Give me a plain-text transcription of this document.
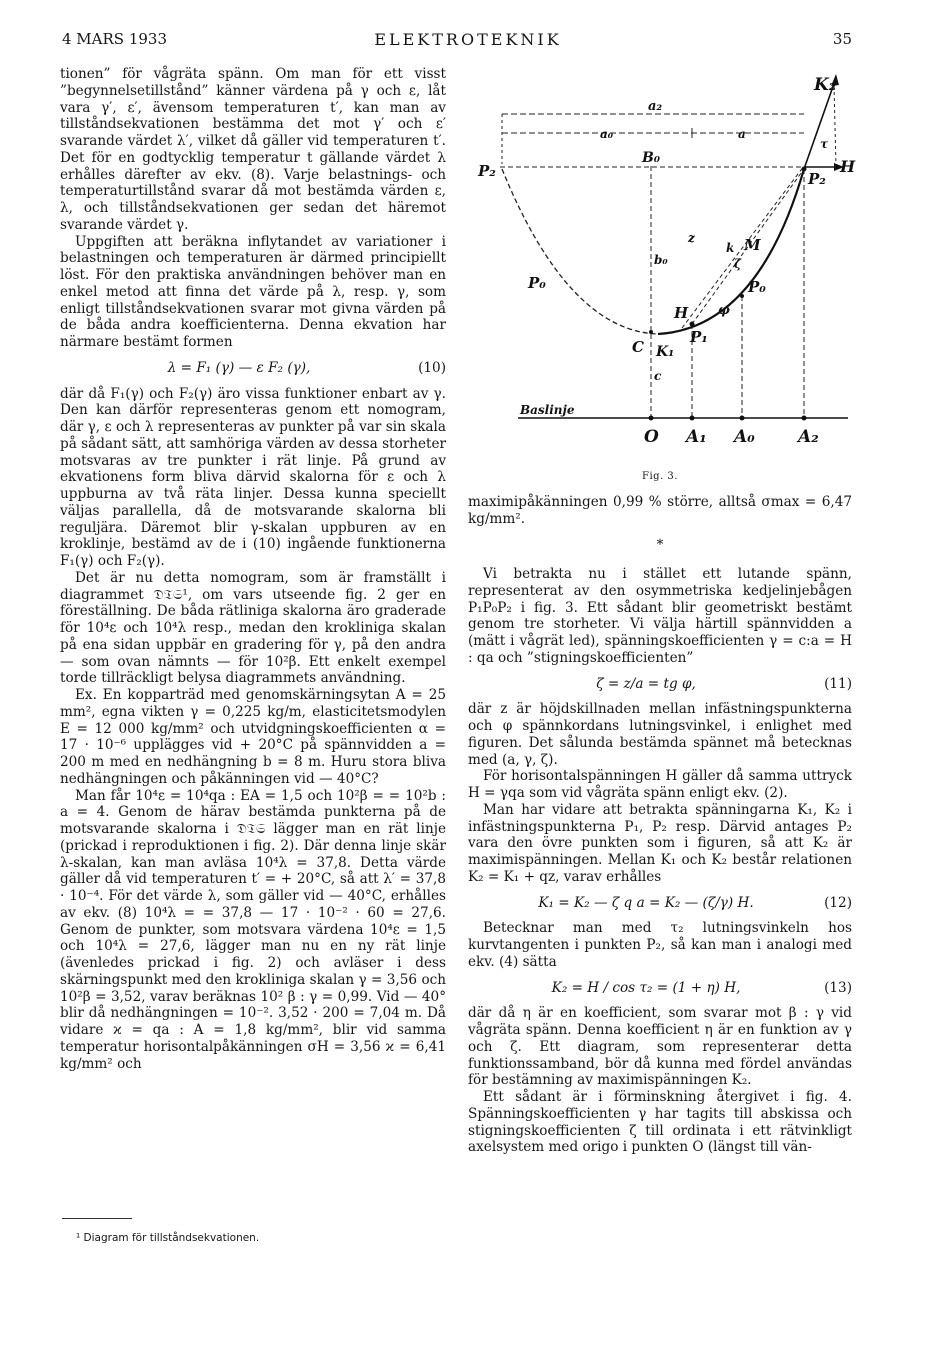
4 MARS 1933	ELEKTROTEKNIK	35

tionen” för vågräta spänn. Om man för ett visst ”begynnelsetillstånd” känner värdena på γ och ε, låt vara γ′, ε′, ävensom temperaturen t′, kan man av tillståndsekvationen bestämma det mot γ′ och ε′ svarande värdet λ′, vilket då gäller vid temperaturen t′. Det för en godtycklig temperatur t gällande värdet λ erhålles därefter av ekv. (8). Varje belastnings- och temperaturtillstånd svarar då mot bestämda värden ε, λ, och tillståndsekvationen ger sedan det häremot svarande värdet γ.

Uppgiften att beräkna inflytandet av variationer i belastningen och temperaturen är därmed principiellt löst. För den praktiska användningen behöver man en enkel metod att finna det värde på λ, resp. γ, som enligt tillståndsekvationen svarar mot givna värden på de båda andra koefficienterna. Denna ekvation har närmare bestämt formen

λ = F₁ (γ) — ε F₂ (γ),	(10)

där då F₁(γ) och F₂(γ) äro vissa funktioner enbart av γ. Den kan därför representeras genom ett nomogram, där γ, ε och λ representeras av punkter på var sin skala på sådant sätt, att samhöriga värden av dessa storheter motsvaras av tre punkter i rät linje. På grund av ekvationens form bliva därvid skalorna för ε och λ uppburna av två räta linjer. Dessa kunna speciellt väljas parallella, då de motsvarande skalorna bli reguljära. Däremot blir γ-skalan uppburen av en kroklinje, bestämd av de i (10) ingående funktionerna F₁(γ) och F₂(γ).

Det är nu detta nomogram, som är framställt i diagrammet 𝔇𝔗𝔖¹, om vars utseende fig. 2 ger en föreställning. De båda rätliniga skalorna äro graderade för 10⁴ε och 10⁴λ resp., medan den krokliniga skalan på ena sidan uppbär en gradering för γ, på den andra — som ovan nämnts — för 10²β. Ett enkelt exempel torde tillräckligt belysa diagrammets användning.

Ex. En kopparträd med genomskärningsytan A = 25 mm², egna vikten γ = 0,225 kg/m, elasticitetsmodylen E = 12 000 kg/mm² och utvidgningskoefficienten α = 17 · 10⁻⁶ upplägges vid + 20°C på spännvidden a = 200 m med en nedhängning b = 8 m. Huru stora bliva nedhängningen och påkänningen vid — 40°C?

Man får 10⁴ε = 10⁴qa : EA = 1,5 och 10²β = = 10²b : a = 4. Genom de härav bestämda punkterna på de motsvarande skalorna i 𝔇𝔗𝔖 lägger man en rät linje (prickad i reproduktionen i fig. 2). Där denna linje skär λ-skalan, kan man avläsa 10⁴λ = 37,8. Detta värde gäller då vid temperaturen t′ = + 20°C, så att λ′ = 37,8 · 10⁻⁴. För det värde λ, som gäller vid — 40°C, erhålles av ekv. (8) 10⁴λ = = 37,8 — 17 · 10⁻² · 60 = 27,6. Genom de punkter, som motsvara värdena 10⁴ε = 1,5 och 10⁴λ = 27,6, lägger man nu en ny rät linje (ävenledes prickad i fig. 2) och avläser i dess skärningspunkt med den krokliniga skalan γ = 3,56 och 10²β = 3,52, varav beräknas 10² β : γ = 0,99. Vid — 40° blir då nedhängningen = 10⁻². 3,52 · 200 = 7,04 m. Då vidare ϰ = qa : A = 1,8 kg/mm², blir vid samma temperatur horisontalpåkänningen σH = 3,56 ϰ = 6,41 kg/mm² och

¹ Diagram för tillståndsekvationen.
K₂
a₂
a₀	a
τ
H
P₂
P₂
B₀
z
k M
b₀	ζ
P₀	P₀
φ
H
P₁
C K₁
c
Baslinje
O A₁ A₀	A₂
Fig. 3.

maximipåkänningen 0,99 % större, alltså σmax = 6,47 kg/mm².

*

Vi betrakta nu i stället ett lutande spänn, representerat av den osymmetriska kedjelinjebågen P₁P₀P₂ i fig. 3. Ett sådant blir geometriskt bestämt genom tre storheter. Vi välja härtill spännvidden a (mätt i vågrät led), spänningskoefficienten γ = c:a = H : qa och ”stigningskoefficienten”

ζ = z/a = tg φ,	(11)

där z är höjdskillnaden mellan infästningspunkterna och φ spännkordans lutningsvinkel, i enlighet med figuren. Det sålunda bestämda spännet må betecknas med (a, γ, ζ).

För horisontalspänningen H gäller då samma uttryck H = γqa som vid vågräta spänn enligt ekv. (2).

Man har vidare att betrakta spänningarna K₁, K₂ i infästningspunkterna P₁, P₂ resp. Därvid antages P₂ vara den övre punkten som i figuren, så att K₂ är maximispänningen. Mellan K₁ och K₂ består relationen K₂ = K₁ + qz, varav erhålles

K₁ = K₂ — ζ q a = K₂ — (ζ/γ) H.	(12)

Betecknar man med τ₂ lutningsvinkeln hos kurvtangenten i punkten P₂, så kan man i analogi med ekv. (4) sätta

K₂ = H / cos τ₂ = (1 + η) H,	(13)

där då η är en koefficient, som svarar mot β : γ vid vågräta spänn. Denna koefficient η är en funktion av γ och ζ. Ett diagram, som representerar detta funktionssamband, bör då kunna med fördel användas för bestämning av maximispänningen K₂.

Ett sådant är i förminskning återgivet i fig. 4. Spänningskoefficienten γ har tagits till abskissa och stigningskoefficienten ζ till ordinata i ett rätvinkligt axelsystem med origo i punkten O (längst till vän-
